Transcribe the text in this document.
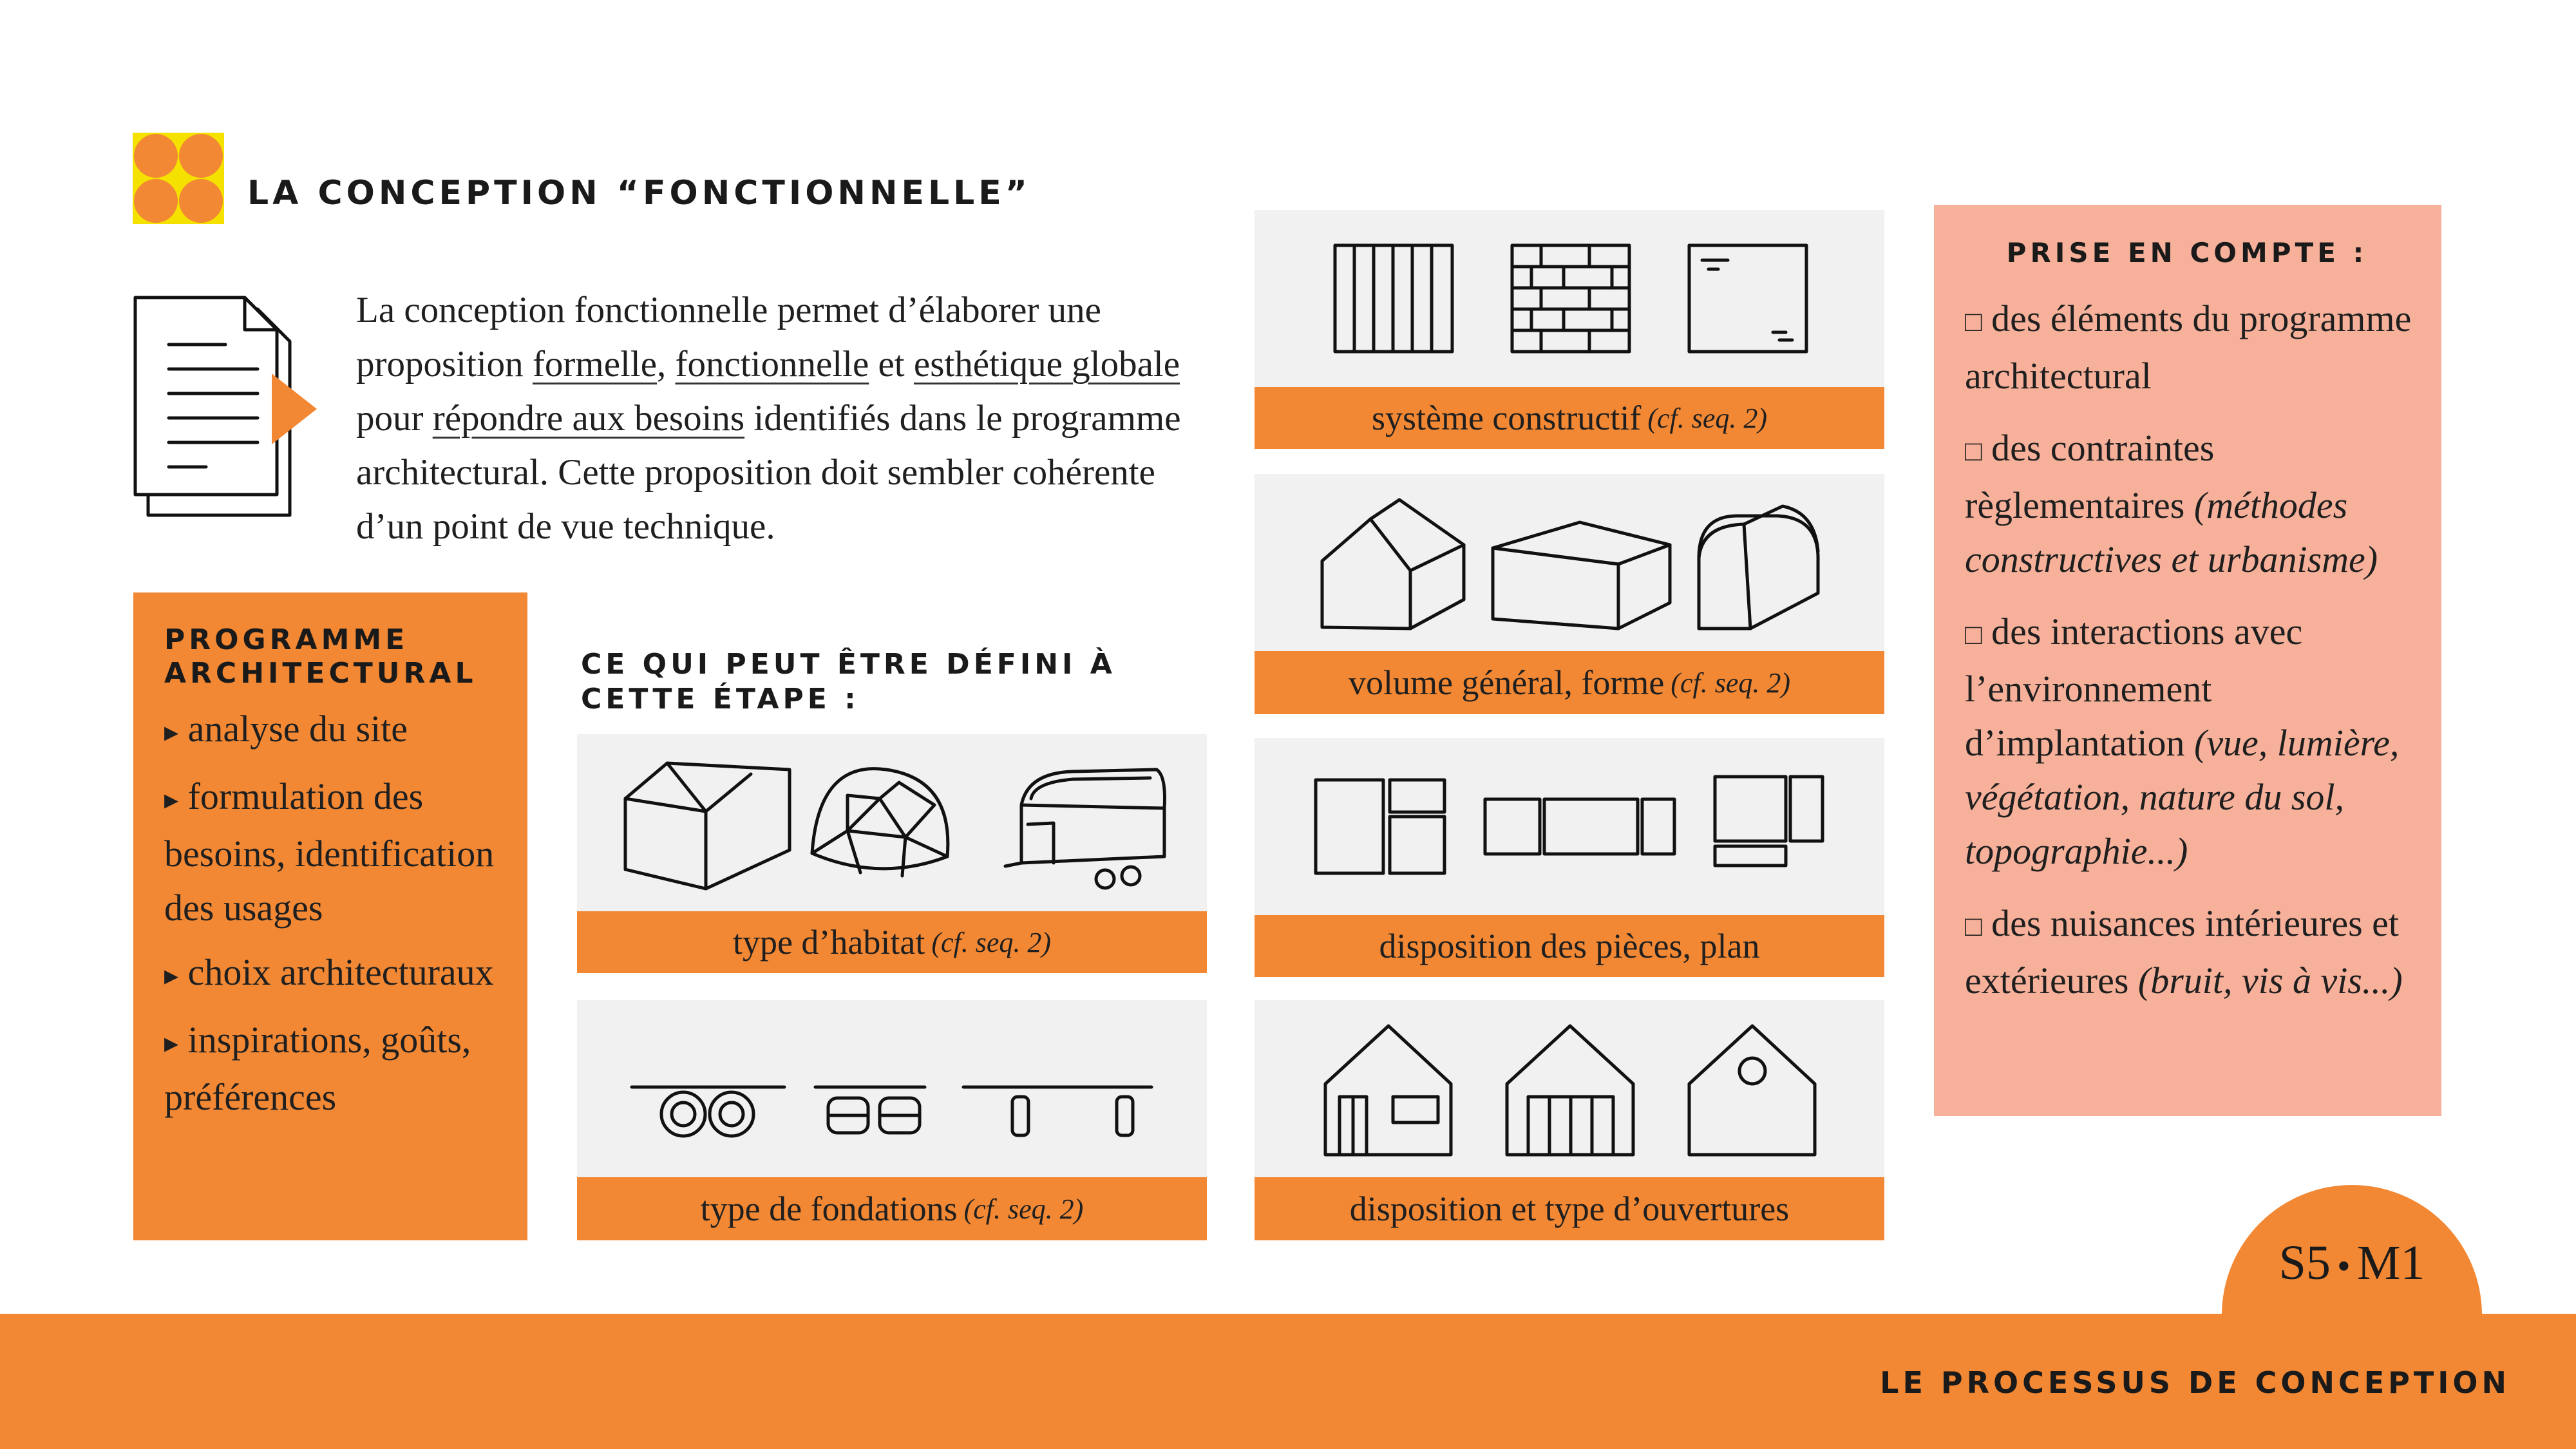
LA CONCEPTION “FONCTIONNELLE”
La conception fonctionnelle permet d’élaborer une proposition formelle, fonctionnelle et esthétique globale pour répondre aux besoins identifiés dans le programme architectural. Cette proposition doit sembler cohérente d’un point de vue technique.
PROGRAMME ARCHITECTURAL
▸ analyse du site
▸ formulation des besoins, identification des usages
▸ choix architecturaux
▸ inspirations, goûts, préférences
CE QUI PEUT ÊTRE DÉFINI À CETTE ÉTAPE :
type d’habitat (cf. seq. 2)
type de fondations (cf. seq. 2)
système constructif (cf. seq. 2)
volume général, forme (cf. seq. 2)
disposition des pièces, plan
disposition et type d’ouvertures
PRISE EN COMPTE :
□ des éléments du programme architectural
□ des contraintes règlementaires (méthodes constructives et urbanisme)
□ des interactions avec l’environnement d’implantation (vue, lumière, végétation, nature du sol, topographie...)
□ des nuisances intérieures et extérieures (bruit, vis à vis...)
S5 • M1
LE PROCESSUS DE CONCEPTION
